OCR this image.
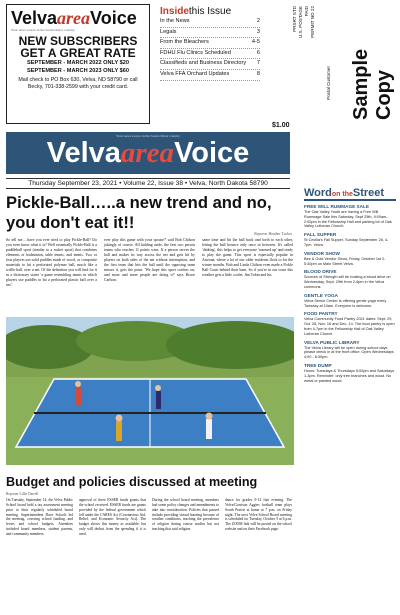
VelvaareaVoice
Your news source in the Souris River country
NEW SUBSCRIBERS GET A GREAT RATE
SEPTEMBER - MARCH 2022 ONLY $20
SEPTEMBER - MARCH 2023 ONLY $60
Mail check to PO Box 630, Velva, ND 58790 or call Becky, 701-338-2599 with your credit card.
Insidethis Issue
In the News	2
Legals	3
From the Bleachers	4-5
FDHU Flu Clinics Scheduled	6
Classifieds and Business Directory 7
Velva FFA Orchard Updates	8
PRSRT STD U.S. POSTAGE PAID PERMIT NO 22
Postal Customer Sample Copy
$1.00
Your news source in the Souris River country
VelvaareaVoice
Thursday September 23, 2021 • Volume 22, Issue 38 • Velva, North Dakota 58790
Pickle-Ball…..a new trend and no, you don't eat it!!
Reporter Heather Tucker
So tell me….have you ever tried to play Pickle-Ball? Do you even know what it is? Well essentially Pickle-Ball is a paddleball sport (similar to a racket sport) that combines elements of badminton, table tennis, and tennis. Two or four players use solid paddles made of wood, or composite materials to hit a perforated polymer ball, much like a wiffle ball, over a net. Of the definition you will find for it in a dictionary states 'a game resembling tennis in which players use paddles to hit a perforated plastic ball over a net.'
ever play this game with your spouse?' said Bob Chilson jokingly of course. All kidding aside, the first two person teams who reaches 11 points wins. If a person serves the ball and makes its way across the net and gets hit by players on both sides of the net without interruption, and the first team that hits the ball until the opposing team misses it, gets the point. 'We hope this sport catches on, and more and more people are doing it!' says Bruce Carlson.
same time and hit the ball back and forth to each other, letting the ball bounce only once in between. It's called 'dinking', this helps to get everyone 'warmed up' and ready to play the game. This sport is especially popular in Arizona, where a lot of our older residents flock to for the winter months. Bob and Linda Chilson even made a Pickle Ball Court behind their barn. So if you're in our town this weather gets a little cooler, Jim Tobin and his
Budget and policies discussed at meeting
Reporter Lillie Darrell
On Tuesday, September 14, the Velva Public School board held a tax assessment meeting prior to their regularly scheduled board meeting. Superintendent Dave Schoch led the meeting, covering school funding, and levies and school budgets. Attendees included board members, student parents, and community members.
approval of three ESSER funds grants that the school received. ESSER funds are grants provided by the federal government which fell under the CARES Act (Coronavirus Aid, Relief, and Economic Security Act). The budget shows this money as available, but only will deduct from the spending if it is used.
During the school board meeting, members had some policy changes and amendments to take into consideration. Policies that passed include providing virtual learning because of weather conditions, teaching the prevalence of religion during course studies but not teaching that said religion.
dance for grades 9-12 that evening. The Velva/Garrison Aggies football team plays South Prairie at home at 7 p.m. on Friday night. The next Velva School Board meeting is scheduled for Tuesday, October 5 at 6 p.m. The ZOOM link will be posted on the school website and on their Facebook page.
Wordon theStreet
FREE WILL RUMMAGE SALE
The Oak Valley Youth are having a Free Will Rummage Sale this Saturday, Sept 25th, 9:00am-2:00pm in the Fellowship Hall and parking lot of Oak Valley Lutheran Church.
FALL SUPPER
St Cecilia's Fall Supper, Sunday September 26, 4-7pm. Velva.
VENDOR SHOW
Bee & Gold Vendor Show, Friday, October 1st 2-5:30pm on Main Street Velva.
BLOOD DRIVE
Sources of Strength will be hosting a blood drive on Wednesday, Sept. 29th from 2-6pm in the Velva commons.
GENTLE YOGA
Velva Senior Center is offering gentle yoga every Tuesday at 10am. Everyone is welcome.
FOOD PANTRY
Velva Community Food Pantry 2021 dates: Sept. 29, Oct. 26, Nov. 16 and Dec. 14. The food pantry is open from 4-7pm in the Fellowship Hall of Oak Valley Lutheran Church.
VELVA PUBLIC LIBRARY
The Velva Library will be open during school days please check in at the front office. Open Wednesdays 4:00 - 6:30pm.
TREE DUMP
Hours: Tuesdays & Thursdays 5:00pm and Saturdays 1-3pm. Reminder: only tree branches and wood. No metal or painted wood.
